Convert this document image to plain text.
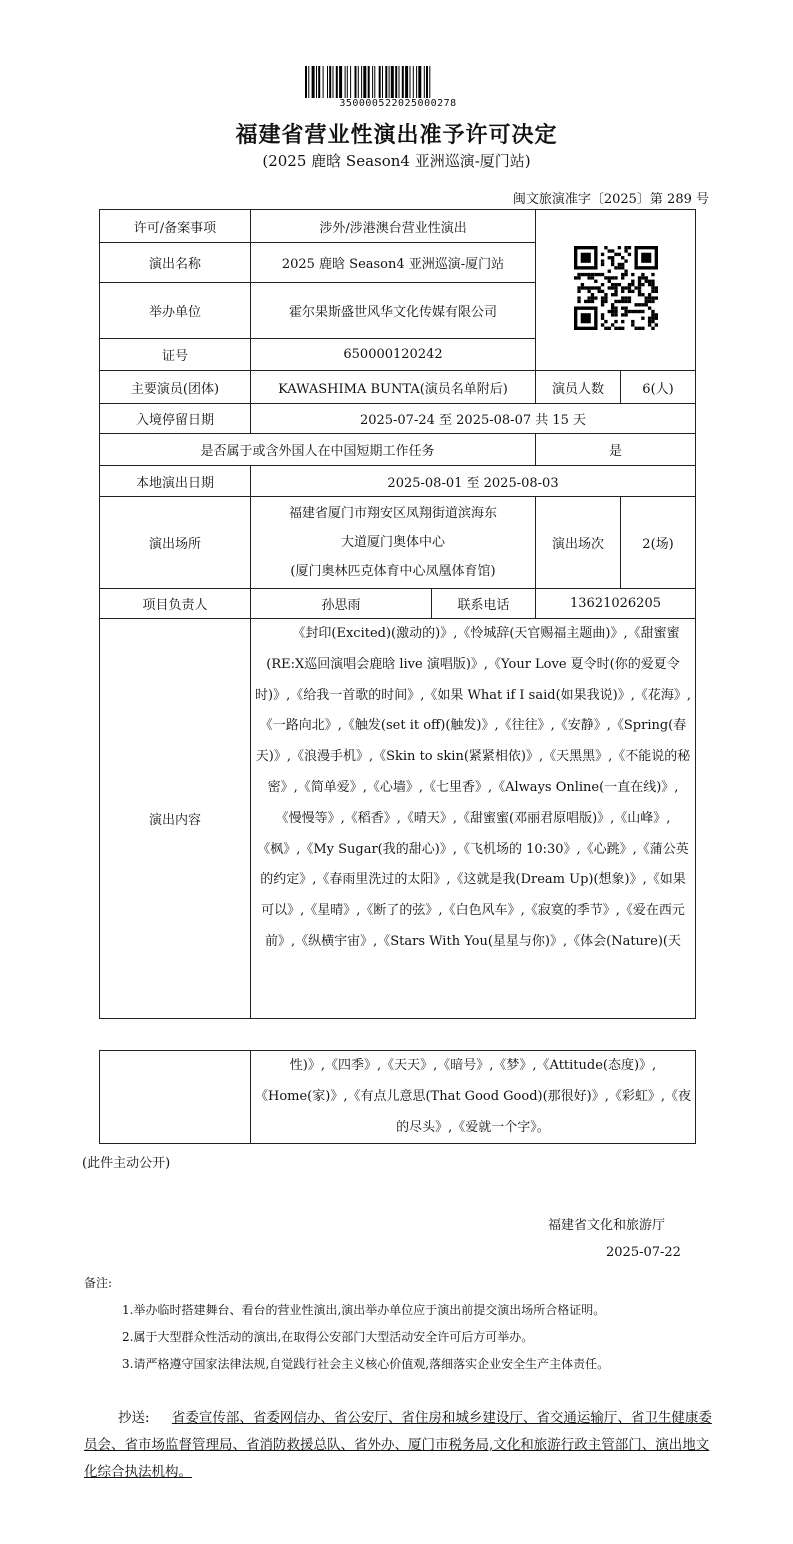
350000522025000278
福建省营业性演出准予许可决定
(2025 鹿晗 Season4 亚洲巡演-厦门站)
闽文旅演准字〔2025〕第 289 号
许可/备案事项	涉外/涉港澳台营业性演出	
演出名称	2025 鹿晗 Season4 亚洲巡演-厦门站			
举办单位	霍尔果斯盛世风华文化传媒有限公司			
证号	650000120242			
主要演员(团体)	KAWASHIMA BUNTA(演员名单附后)		演员人数	6(人)
入境停留日期	2025-07-24 至 2025-08-07 共 15 天			
是否属于或含外国人在中国短期工作任务			是	
本地演出日期	2025-08-01 至 2025-08-03			
演出场所	福建省厦门市翔安区凤翔街道滨海东
大道厦门奥体中心
(厦门奥林匹克体育中心凤凰体育馆)		演出场次	2(场)
项目负责人	孙思雨	联系电话	13621026205	
演出内容	《封印(Excited)(激动的)》,《怜城辞(天官赐福主题曲)》,《甜蜜蜜(RE:X巡回演唱会鹿晗 live 演唱版)》,《Your Love 夏令时(你的爱夏令时)》,《给我一首歌的时间》,《如果 What if I said(如果我说)》,《花海》,《一路向北》,《触发(set it off)(触发)》,《往往》,《安静》,《Spring(春天)》,《浪漫手机》,《Skin to skin(紧紧相依)》,《天黑黑》,《不能说的秘密》,《简单爱》,《心墙》,《七里香》,《Always Online(一直在线)》,《慢慢等》,《稻香》,《晴天》,《甜蜜蜜(邓丽君原唱版)》,《山峰》,《枫》,《My Sugar(我的甜心)》,《飞机场的 10:30》,《心跳》,《蒲公英的约定》,《春雨里洗过的太阳》,《这就是我(Dream Up)(想象)》,《如果可以》,《星晴》,《断了的弦》,《白色风车》,《寂寞的季节》,《爱在西元前》,《纵横宇宙》,《Stars With You(星星与你)》,《体会(Nature)(天			
	性)》,《四季》,《天天》,《暗号》,《梦》,《Attitude(态度)》,《Home(家)》,《有点儿意思(That Good Good)(那很好)》,《彩虹》,《夜的尽头》,《爱就一个字》。
(此件主动公开)
福建省文化和旅游厅
2025-07-22
备注:
1.举办临时搭建舞台、看台的营业性演出,演出举办单位应于演出前提交演出场所合格证明。
2.属于大型群众性活动的演出,在取得公安部门大型活动安全许可后方可举办。
3.请严格遵守国家法律法规,自觉践行社会主义核心价值观,落细落实企业安全生产主体责任。
抄送: 省委宣传部、省委网信办、省公安厅、省住房和城乡建设厅、省交通运输厅、省卫生健康委员会、省市场监督管理局、省消防救援总队、省外办、厦门市税务局,文化和旅游行政主管部门、演出地文化综合执法机构。
